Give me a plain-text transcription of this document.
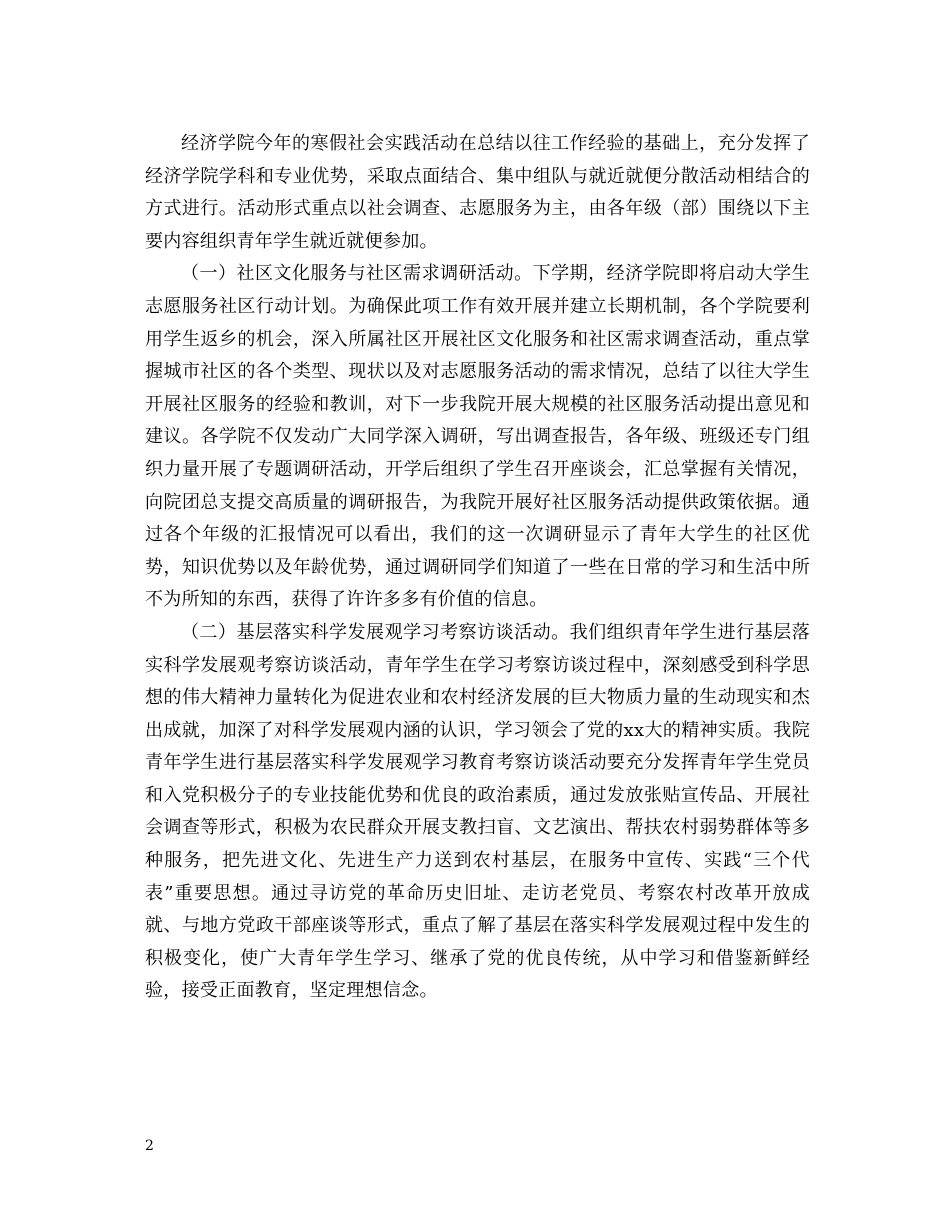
经济学院今年的寒假社会实践活动在总结以往工作经验的基础上，充分发挥了经济学院学科和专业优势，采取点面结合、集中组队与就近就便分散活动相结合的方式进行。活动形式重点以社会调查、志愿服务为主，由各年级（部）围绕以下主要内容组织青年学生就近就便参加。

（一）社区文化服务与社区需求调研活动。下学期，经济学院即将启动大学生志愿服务社区行动计划。为确保此项工作有效开展并建立长期机制，各个学院要利用学生返乡的机会，深入所属社区开展社区文化服务和社区需求调查活动，重点掌握城市社区的各个类型、现状以及对志愿服务活动的需求情况，总结了以往大学生开展社区服务的经验和教训，对下一步我院开展大规模的社区服务活动提出意见和建议。各学院不仅发动广大同学深入调研，写出调查报告，各年级、班级还专门组织力量开展了专题调研活动，开学后组织了学生召开座谈会，汇总掌握有关情况，向院团总支提交高质量的调研报告，为我院开展好社区服务活动提供政策依据。通过各个年级的汇报情况可以看出，我们的这一次调研显示了青年大学生的社区优势，知识优势以及年龄优势，通过调研同学们知道了一些在日常的学习和生活中所不为所知的东西，获得了许许多多有价值的信息。

（二）基层落实科学发展观学习考察访谈活动。我们组织青年学生进行基层落实科学发展观考察访谈活动，青年学生在学习考察访谈过程中，深刻感受到科学思想的伟大精神力量转化为促进农业和农村经济发展的巨大物质力量的生动现实和杰出成就，加深了对科学发展观内涵的认识，学习领会了党的xx大的精神实质。我院青年学生进行基层落实科学发展观学习教育考察访谈活动要充分发挥青年学生党员和入党积极分子的专业技能优势和优良的政治素质，通过发放张贴宣传品、开展社会调查等形式，积极为农民群众开展支教扫盲、文艺演出、帮扶农村弱势群体等多种服务，把先进文化、先进生产力送到农村基层，在服务中宣传、实践“三个代表”重要思想。通过寻访党的革命历史旧址、走访老党员、考察农村改革开放成就、与地方党政干部座谈等形式，重点了解了基层在落实科学发展观过程中发生的积极变化，使广大青年学生学习、继承了党的优良传统，从中学习和借鉴新鲜经验，接受正面教育，坚定理想信念。

2
